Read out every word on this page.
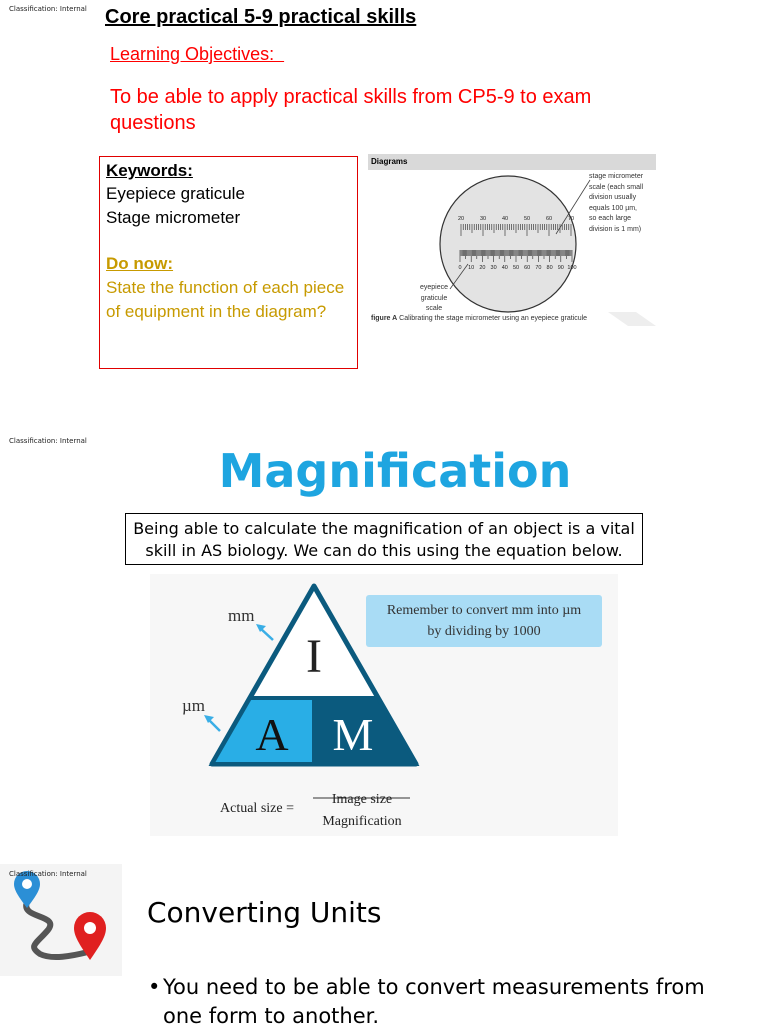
Classification: Internal Core practical 5-9 practical skills
Learning Objectives:
To be able to apply practical skills from CP5-9 to exam questions
Keywords:
Eyepiece graticule
Stage micrometer
Do now:
State the function of each piece of equipment in the diagram?
Diagrams
20	30	40	50	60	70
0 10 20 30 40 50 60 70 80 90 100
stage micrometer
scale (each small
division usually
equals 100 µm,
so each large
division is 1 mm)
eyepiece
graticule
scale
figure A Calibrating the stage micrometer using an eyepiece graticule
Classification: Internal
Magnification
Being able to calculate the magnification of an object is a vital skill in AS biology. We can do this using the equation below.
mm
µm
I
A M
Remember to convert mm into µm
by dividing by 1000
Actual size =
Image size
Magnification
Classification: Internal
Converting Units
• You need to be able to convert measurements from one form to another.
